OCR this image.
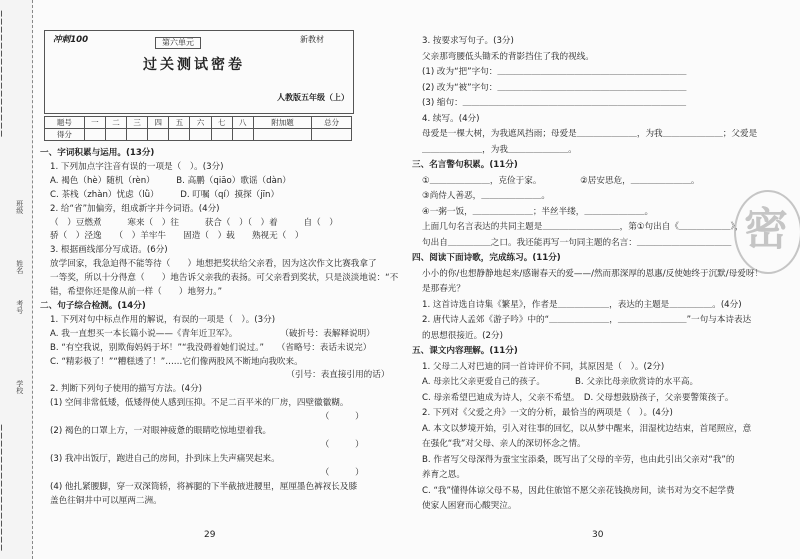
班级
姓名
考号
学校
冲刺100	第六单元	新教材
过关测试密卷
人教版五年级（上）
题号	一	二	三	四	五	六	七	八	附加题	总分
得分										
一、字词积累与运用。(13分)
1. 下列加点字注音有误的一项是（　）。(3分)
A. 褐色（hè）随机（rèn）　　　B. 高鹏（qiāo）歌谣（dàn）
C. 茶栈（zhàn）忧虑（lǜ）　　　D. 叮嘱（qí）摸探（jīn）
2. 给“省”加偏旁，组成新字并今词语。(4分)
（　）豆燃煮　　　寒来（　）往　　　获合（　）（　）着　　　自（　）
骄（　）泾逸　　（　）羊牢牛　　固造（　）载　　熟视无（　）
3. 根据画线部分写成语。(6分)
放学回家，我急迫得不能等待（　　）地想把奖状给父亲看，因为这次作文比赛我拿了
一等奖，所以十分得意（　　）地告诉父亲我的表扬。可父亲看到奖状，只是淡淡地说：“不
错，希望你还是像从前一样（　　）地努力。”
二、句子综合检测。(14分)
1. 下列对句中标点作用的解说，有误的一项是（　）。(3分)
A. 我一直想买一本长篇小说——《青年近卫军》。　　　　　　（破折号：表解释说明）
B. “有空我说，别欺侮妈妈于坏！”“我没碍着她们说过。”　　（省略号：表话未说完）
C. “精彩极了！”“糟糕透了！”……它们像两股风不断地向我吹来。
　　　　　　　　　　　　　　　　　　　　　　　　　　　　（引号：表直接引用的话）
2. 判断下列句子使用的描写方法。(4分)
(1) 空间非常低矮，低矮得使人感到压抑。不足二百平米的厂房，四壁徽徽糊。
　　　　　　　　　　　　　　　　　　　　　　　　　　　　　　　　（　　　）
(2) 褐色的口罩上方，一对眼神疲惫的眼睛吃惊地望着我。
　　　　　　　　　　　　　　　　　　　　　　　　　　　　　　　　（　　　）
(3) 我冲出饭厅，跑进自己的房间，扑到床上失声痛哭起来。
　　　　　　　　　　　　　　　　　　　　　　　　　　　　　　　　（　　　）
(4) 他扎紧腰脚，穿一双深筒轿，将裤腿的下半截掖进腰里，厘厘墨色裤衩长及膝
盖色往铜井中可以厘两二洲。
3. 按要求写句子。(3分)
父亲那弯腰低头锄禾的背影挡住了我的视线。
(1) 改为“把”字句：＿＿＿＿＿＿＿＿＿＿＿＿＿＿＿＿＿＿＿＿＿＿
(2) 改为“被”字句：＿＿＿＿＿＿＿＿＿＿＿＿＿＿＿＿＿＿＿＿＿＿
(3) 缩句：＿＿＿＿＿＿＿＿＿＿＿＿＿＿＿＿＿＿＿＿＿＿＿＿＿＿
4. 续写。(4分)
母爱是一棵大树，为我遮风挡雨；母爱是＿＿＿＿＿＿＿，为我＿＿＿＿＿＿＿；父爱是
＿＿＿＿＿＿＿，为我＿＿＿＿＿＿＿。
三、名言警句积累。(11分)
①＿＿＿＿＿＿＿，克俭于家。　　　　　②居安思危，＿＿＿＿＿＿＿。
③尚侍人善恶，＿＿＿＿＿＿＿。
④一粥一饭，＿＿＿＿＿＿＿；半丝半缕，＿＿＿＿＿＿＿。
上面几句名言表达的共同主题是＿＿＿＿＿＿＿＿＿，第①句出自《＿＿＿＿＿＿》，
句出自＿＿＿＿＿之口。我还能再写一句同主题的名言：＿＿＿＿＿＿＿＿＿＿＿
四、阅读下面诗歌，完成练习。(11分)
小小的你/也想静静地起来/感谢春天的爱——/然而那深厚的恩惠/反使她终于沉默/母爱呀！
是那春光？
1. 这首诗选自诗集《繁星》，作者是＿＿＿＿＿＿，表达的主题是＿＿＿＿＿。(4分)
2. 唐代诗人孟郊《游子吟》中的“＿＿＿＿＿＿＿，＿＿＿＿＿＿＿＿”一句与本诗表达
的思想很接近。(2分)
五、课文内容理解。(11分)
1. 父母二人对巴迪的同一首诗评价不同，其原因是（　）。(2分)
A. 母亲比父亲更爱自己的孩子。　　　　B. 父亲比母亲欣赏诗的水平高。
C. 母亲希望巴迪成为诗人，父亲不希望。　D. 父母想鼓励孩子，父亲要警策孩子。
2. 下列对《父爱之舟》一文的分析，最恰当的两项是（　）。(4分)
A. 本文以梦境开始，引入对往事的回忆，以从梦中醒来，泪湿枕边结束，首尾照应，意
在强化“我”对父母、亲人的深切怀念之情。
B. 作者写父母深得为蚕宝宝添桑，既写出了父母的辛劳，也由此引出父亲对“我”的
养育之恩。
C. “我”懂得体谅父母不易，因此住旅馆不愿父亲花钱换房间，读书对为交不起学费
使家人困窘而心酸哭泣。
密
29	30
